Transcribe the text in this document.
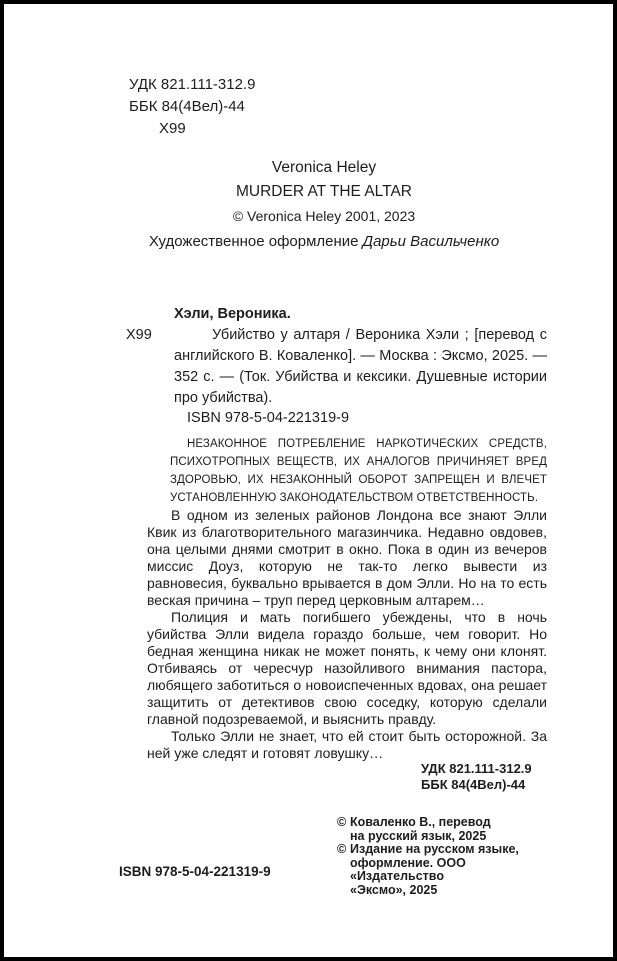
УДК 821.111-312.9
ББК 84(4Вел)-44
Х99
Veronica Heley
MURDER AT THE ALTAR
© Veronica Heley 2001, 2023
Художественное оформление Дарьи Васильченко
Х99
Хэли, Вероника.
Убийство у алтаря / Вероника Хэли ; [перевод с английского В. Коваленко]. — Москва : Эксмо, 2025. — 352 с. — (Ток. Убийства и кексики. Душевные истории про убийства).
ISBN 978-5-04-221319-9
НЕЗАКОННОЕ ПОТРЕБЛЕНИЕ НАРКОТИЧЕСКИХ СРЕДСТВ, ПСИХОТРОПНЫХ ВЕЩЕСТВ, ИХ АНАЛОГОВ ПРИЧИНЯЕТ ВРЕД ЗДОРОВЬЮ, ИХ НЕЗАКОННЫЙ ОБОРОТ ЗАПРЕЩЕН И ВЛЕЧЕТ УСТАНОВЛЕННУЮ ЗАКОНОДАТЕЛЬСТВОМ ОТВЕТСТВЕННОСТЬ.

В одном из зеленых районов Лондона все знают Элли Квик из благотворительного магазинчика. Недавно овдовев, она целыми днями смотрит в окно. Пока в один из вечеров миссис Доуз, которую не так-то легко вывести из равновесия, буквально врывается в дом Элли. Но на то есть веская причина – труп перед церковным алтарем…

Полиция и мать погибшего убеждены, что в ночь убийства Элли видела гораздо больше, чем говорит. Но бедная женщина никак не может понять, к чему они клонят. Отбиваясь от чересчур назойливого внимания пастора, любящего заботиться о новоиспеченных вдовах, она решает защитить от детективов свою соседку, которую сделали главной подозреваемой, и выяснить правду.

Только Элли не знает, что ей стоит быть осторожной. За ней уже следят и готовят ловушку…

УДК 821.111-312.9
ББК 84(4Вел)-44
ISBN 978-5-04-221319-9
© Коваленко В., перевод
на русский язык, 2025
© Издание на русском языке,
оформление. ООО «Издательство
«Эксмо», 2025
